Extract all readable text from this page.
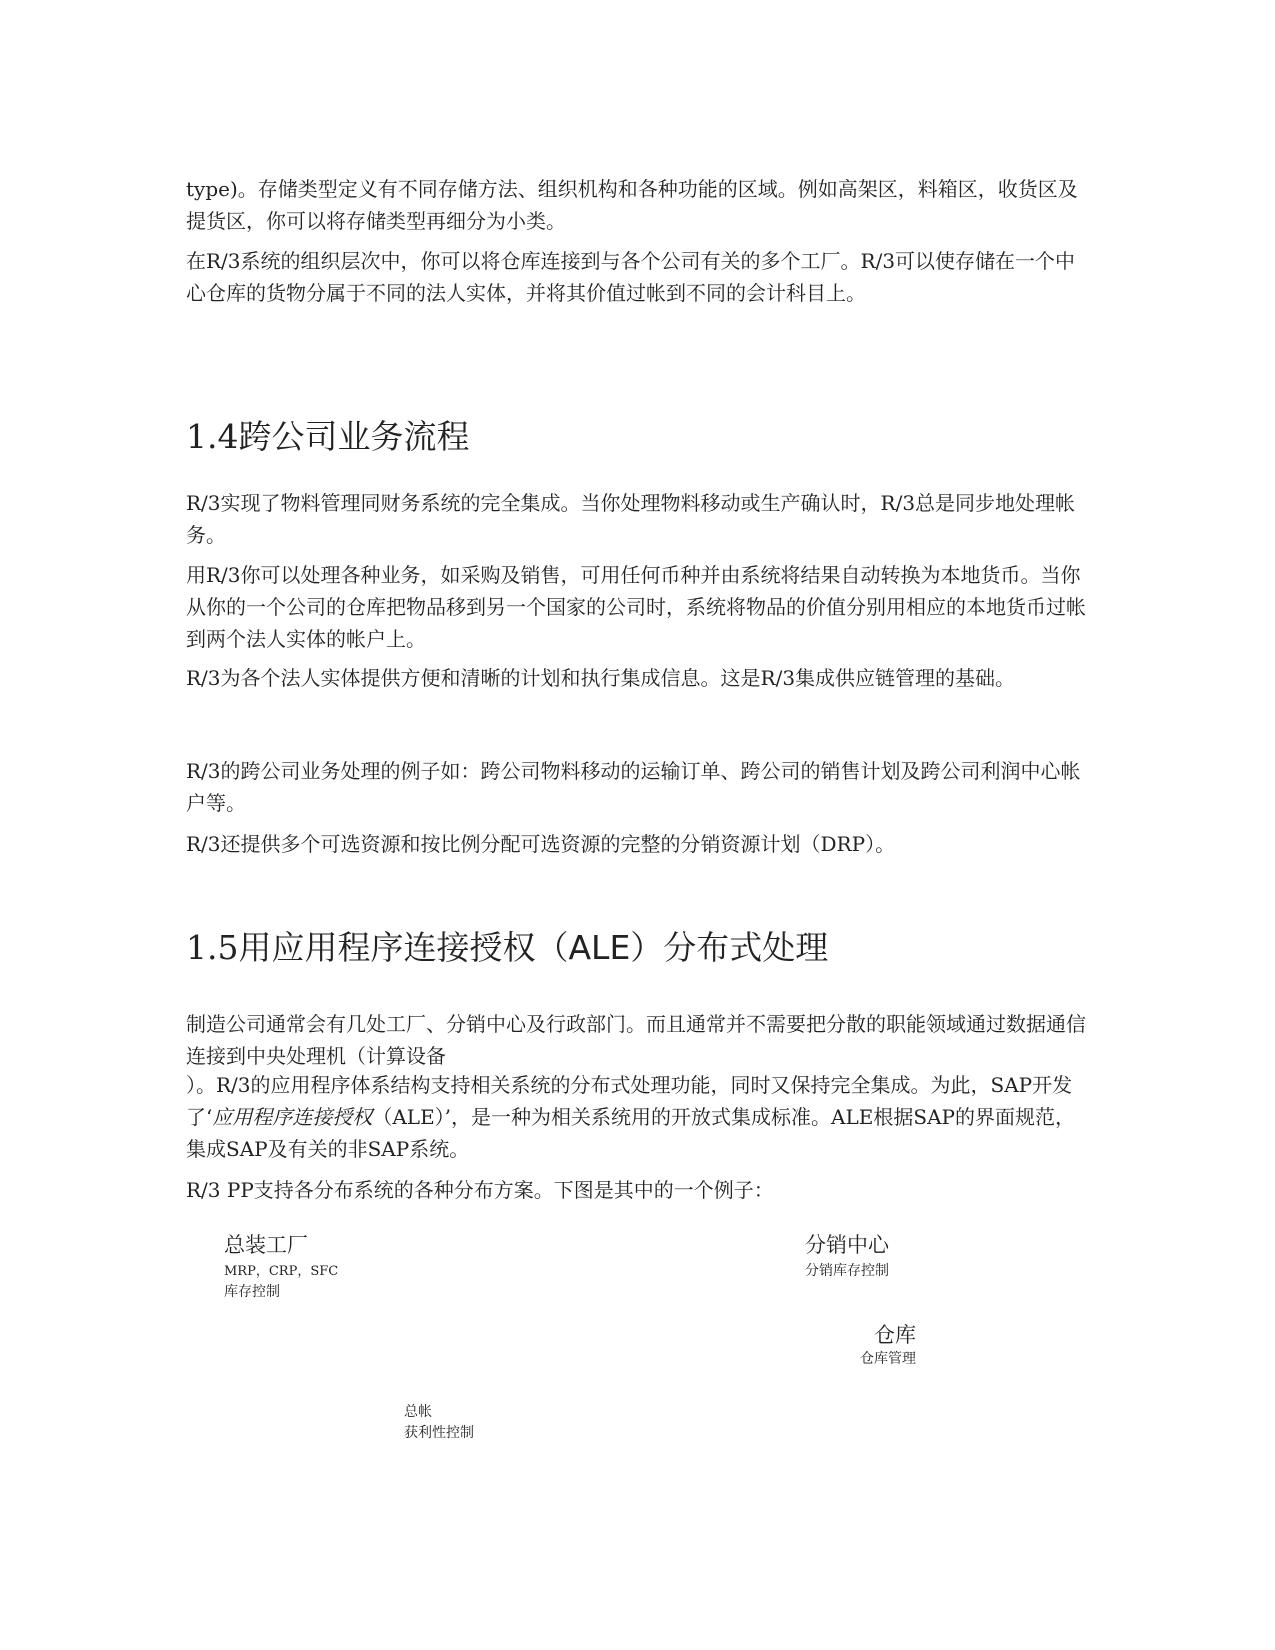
type)。存储类型定义有不同存储方法、组织机构和各种功能的区域。例如高架区，料箱区，收货区及提货区，你可以将存储类型再细分为小类。

在R/3系统的组织层次中，你可以将仓库连接到与各个公司有关的多个工厂。R/3可以使存储在一个中心仓库的货物分属于不同的法人实体，并将其价值过帐到不同的会计科目上。

1.4跨公司业务流程

R/3实现了物料管理同财务系统的完全集成。当你处理物料移动或生产确认时，R/3总是同步地处理帐务。

用R/3你可以处理各种业务，如采购及销售，可用任何币种并由系统将结果自动转换为本地货币。当你从你的一个公司的仓库把物品移到另一个国家的公司时，系统将物品的价值分别用相应的本地货币过帐到两个法人实体的帐户上。

R/3为各个法人实体提供方便和清晰的计划和执行集成信息。这是R/3集成供应链管理的基础。

R/3的跨公司业务处理的例子如：跨公司物料移动的运输订单、跨公司的销售计划及跨公司利润中心帐户等。

R/3还提供多个可选资源和按比例分配可选资源的完整的分销资源计划（DRP）。

1.5用应用程序连接授权（ALE）分布式处理

制造公司通常会有几处工厂、分销中心及行政部门。而且通常并不需要把分散的职能领域通过数据通信连接到中央处理机（计算设备

）。R/3的应用程序体系结构支持相关系统的分布式处理功能，同时又保持完全集成。为此，SAP开发了‘应用程序连接授权（ALE）’，是一种为相关系统用的开放式集成标准。ALE根据SAP的界面规范，集成SAP及有关的非SAP系统。

R/3 PP支持各分布系统的各种分布方案。下图是其中的一个例子：

总装工厂
MRP，CRP，SFC
库存控制
分销中心
分销库存控制
仓库
仓库管理
总帐
获利性控制
